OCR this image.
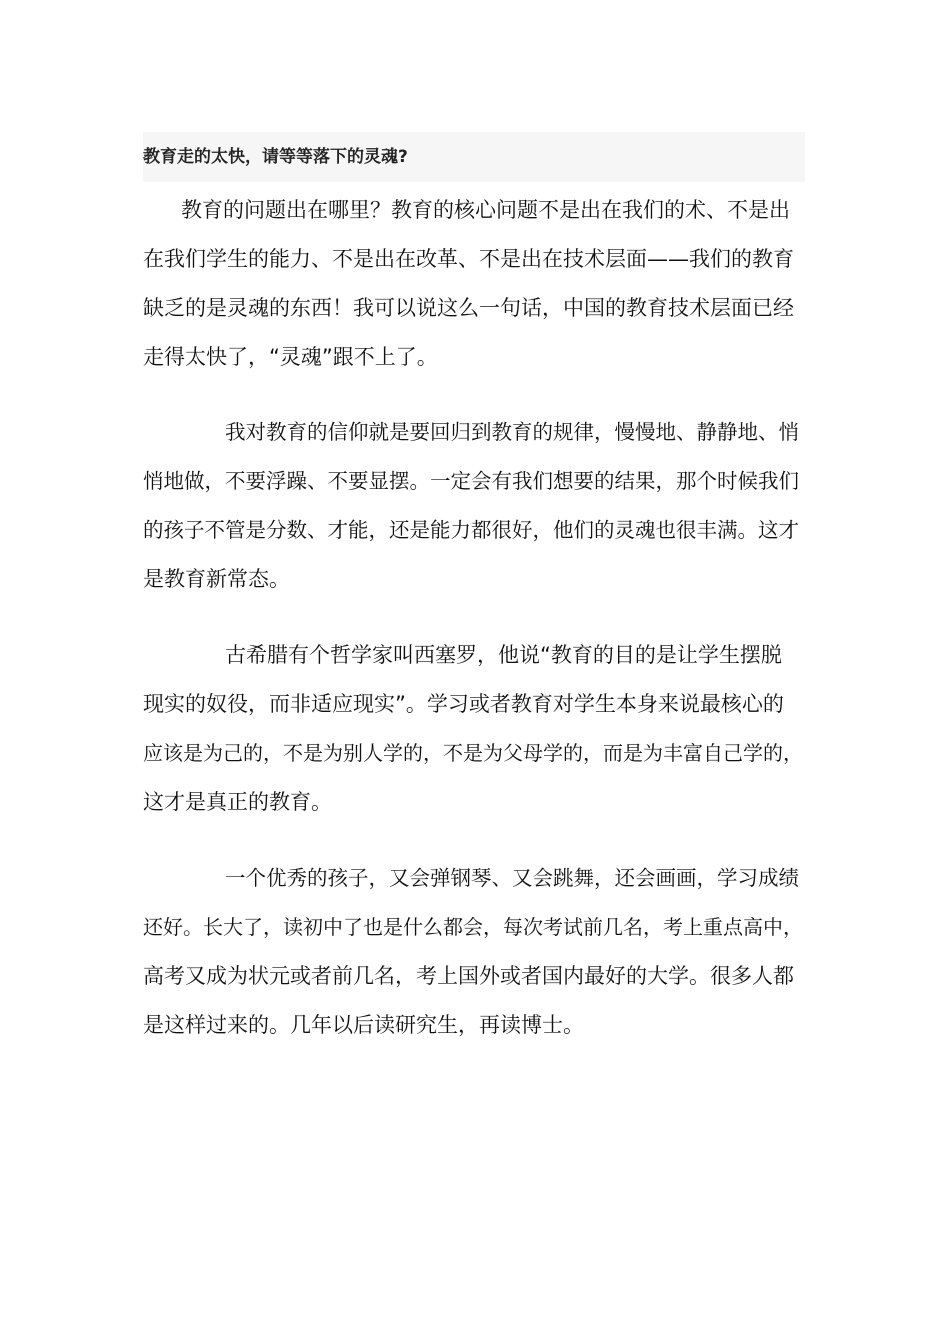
教育走的太快，请等等落下的灵魂?
教育的问题出在哪里？教育的核心问题不是出在我们的术、不是出
在我们学生的能力、不是出在改革、不是出在技术层面——我们的教育
缺乏的是灵魂的东西！我可以说这么一句话，中国的教育技术层面已经
走得太快了，“灵魂”跟不上了。
我对教育的信仰就是要回归到教育的规律，慢慢地、静静地、悄
悄地做，不要浮躁、不要显摆。一定会有我们想要的结果，那个时候我们
的孩子不管是分数、才能，还是能力都很好，他们的灵魂也很丰满。这才
是教育新常态。
古希腊有个哲学家叫西塞罗，他说“教育的目的是让学生摆脱
现实的奴役，而非适应现实”。学习或者教育对学生本身来说最核心的
应该是为己的，不是为别人学的，不是为父母学的，而是为丰富自己学的，
这才是真正的教育。
一个优秀的孩子，又会弹钢琴、又会跳舞，还会画画，学习成绩
还好。长大了，读初中了也是什么都会，每次考试前几名，考上重点高中，
高考又成为状元或者前几名，考上国外或者国内最好的大学。很多人都
是这样过来的。几年以后读研究生，再读博士。
